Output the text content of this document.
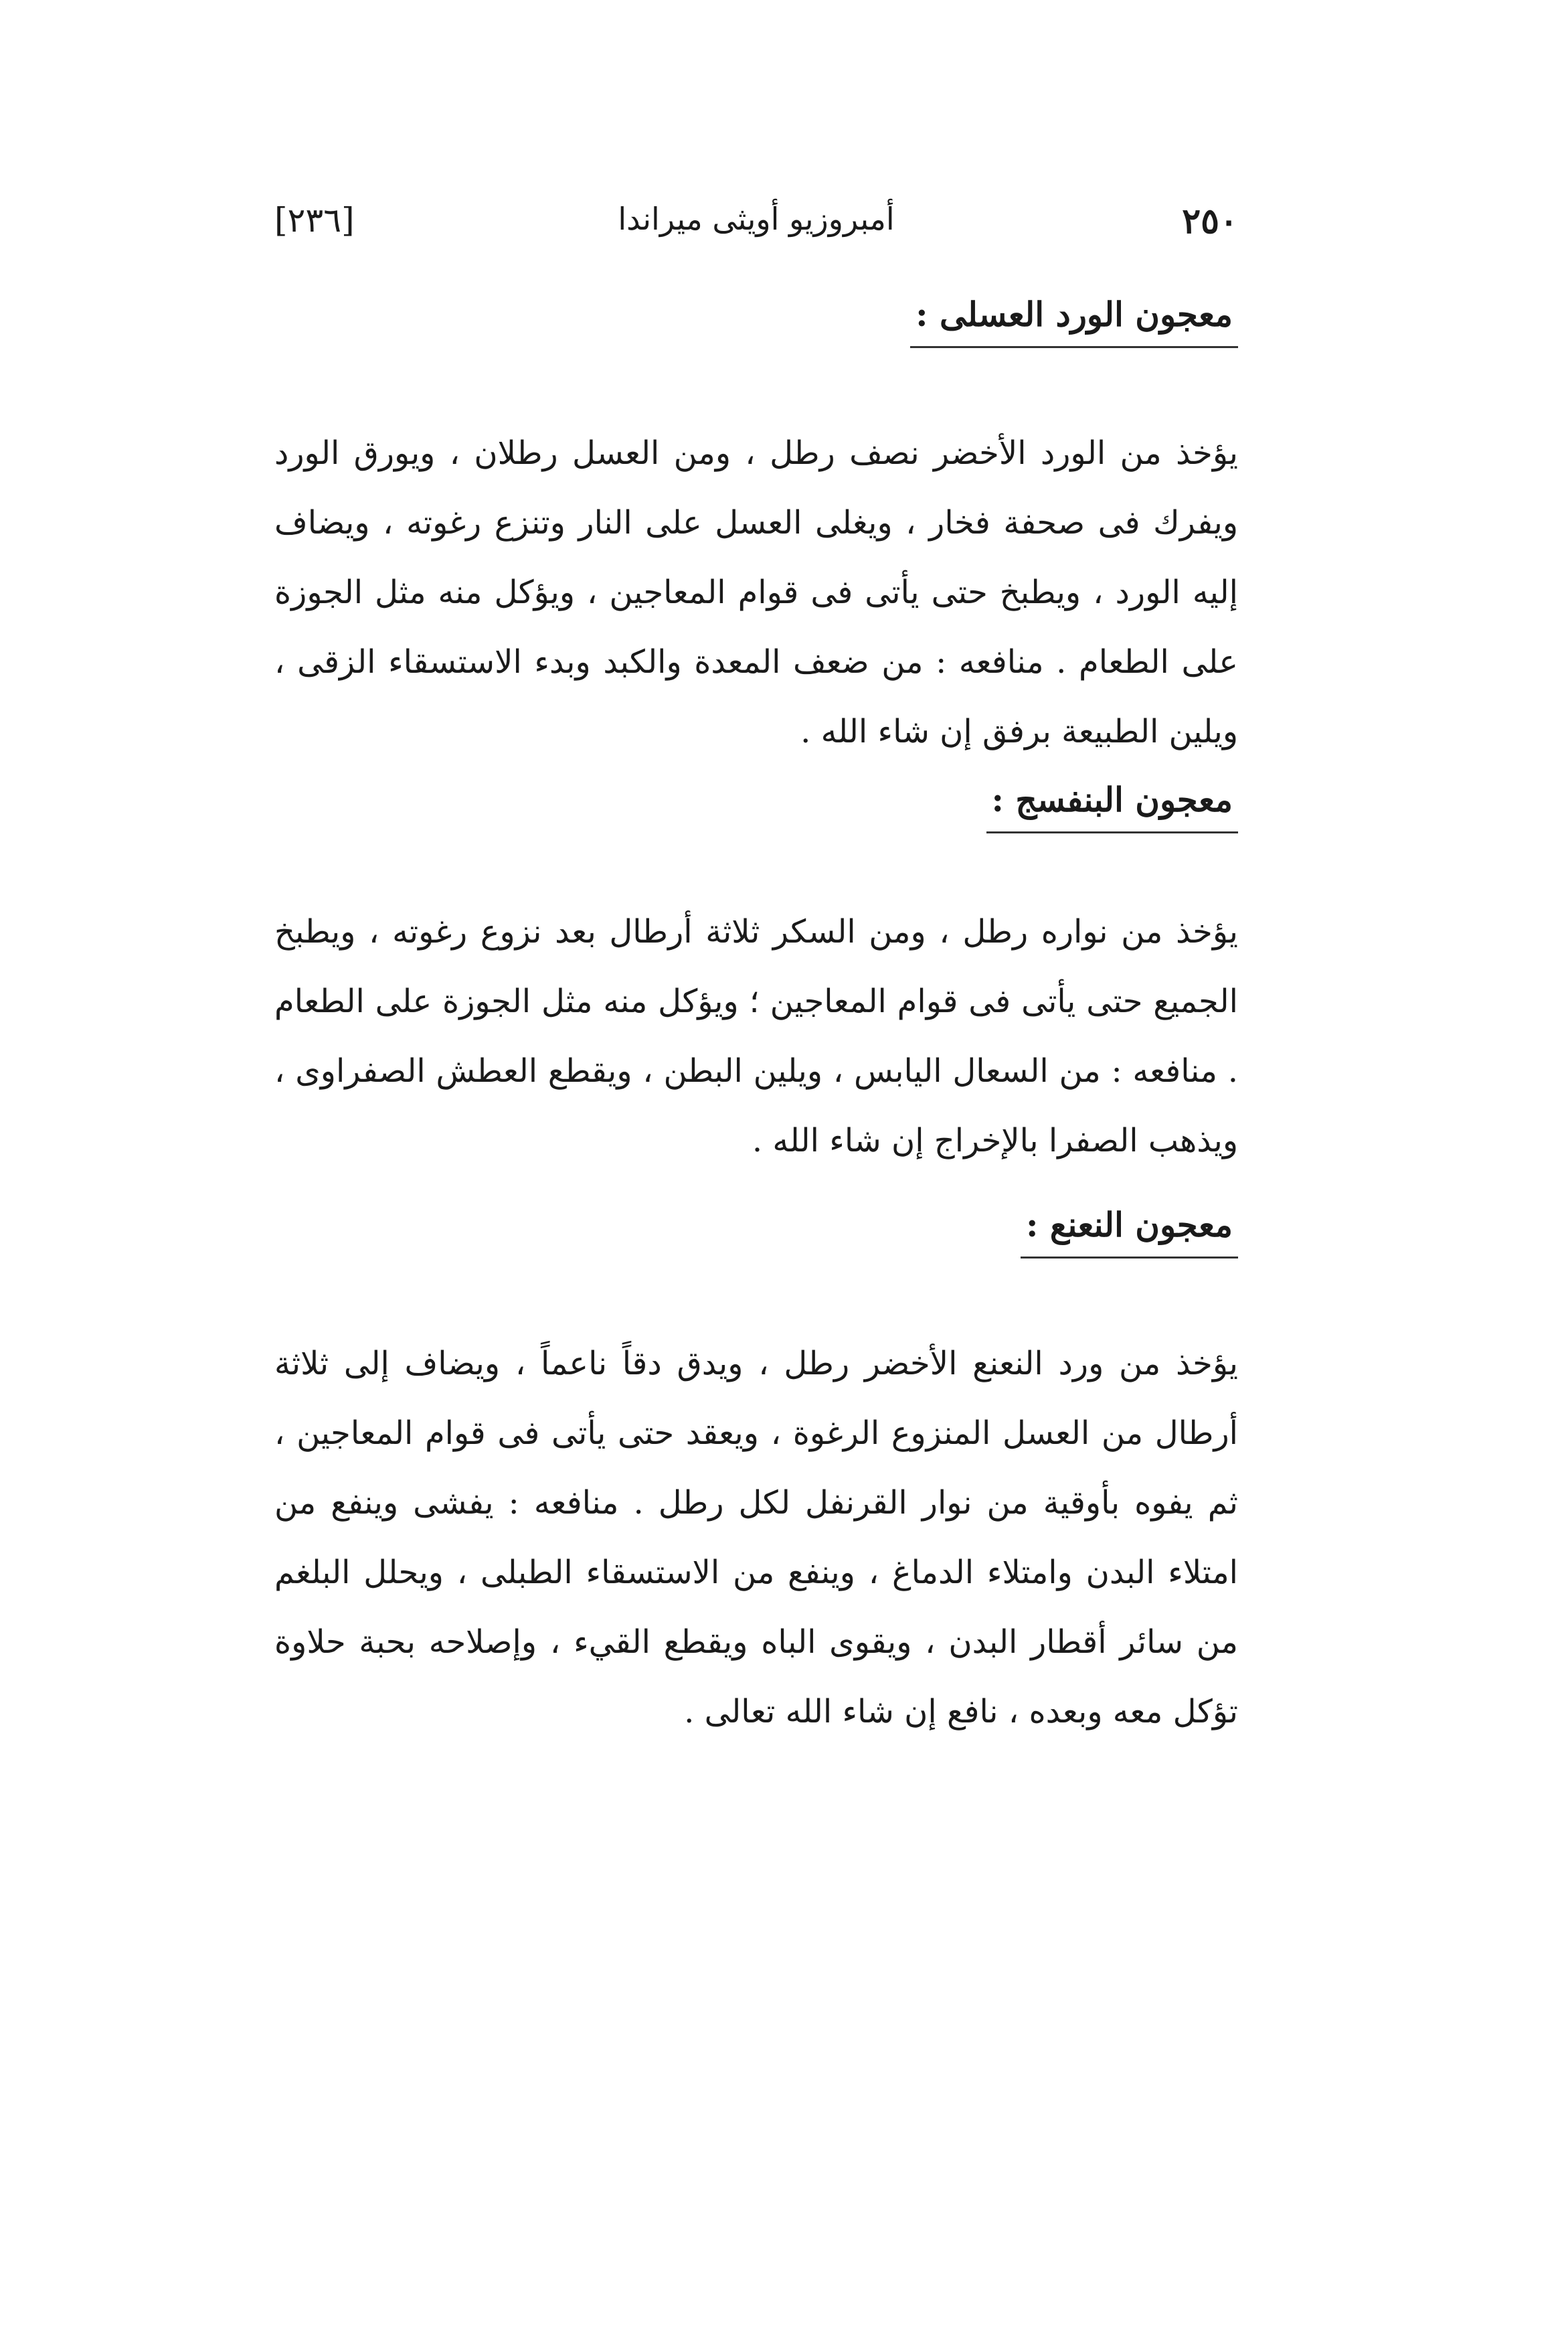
[٢٣٦]	أمبروزيو أويثى ميراندا	٢٥٠

معجون الورد العسلى :

يؤخذ من الورد الأخضر نصف رطل ، ومن العسل رطلان ، ويورق الورد ويفرك فى صحفة فخار ، ويغلى العسل على النار وتنزع رغوته ، ويضاف إليه الورد ، ويطبخ حتى يأتى فى قوام المعاجين ، ويؤكل منه مثل الجوزة على الطعام . منافعه : من ضعف المعدة والكبد وبدء الاستسقاء الزقى ، ويلين الطبيعة برفق إن شاء الله .

معجون البنفسج :

يؤخذ من نواره رطل ، ومن السكر ثلاثة أرطال بعد نزوع رغوته ، ويطبخ الجميع حتى يأتى فى قوام المعاجين ؛ ويؤكل منه مثل الجوزة على الطعام . منافعه : من السعال اليابس ، ويلين البطن ، ويقطع العطش الصفراوى ، ويذهب الصفرا بالإخراج إن شاء الله .

معجون النعنع :

يؤخذ من ورد النعنع الأخضر رطل ، ويدق دقاً ناعماً ، ويضاف إلى ثلاثة أرطال من العسل المنزوع الرغوة ، ويعقد حتى يأتى فى قوام المعاجين ، ثم يفوه بأوقية من نوار القرنفل لكل رطل . منافعه : يفشى وينفع من امتلاء البدن وامتلاء الدماغ ، وينفع من الاستسقاء الطبلى ، ويحلل البلغم من سائر أقطار البدن ، ويقوى الباه ويقطع القيء ، وإصلاحه بحبة حلاوة تؤكل معه وبعده ، نافع إن شاء الله تعالى .
